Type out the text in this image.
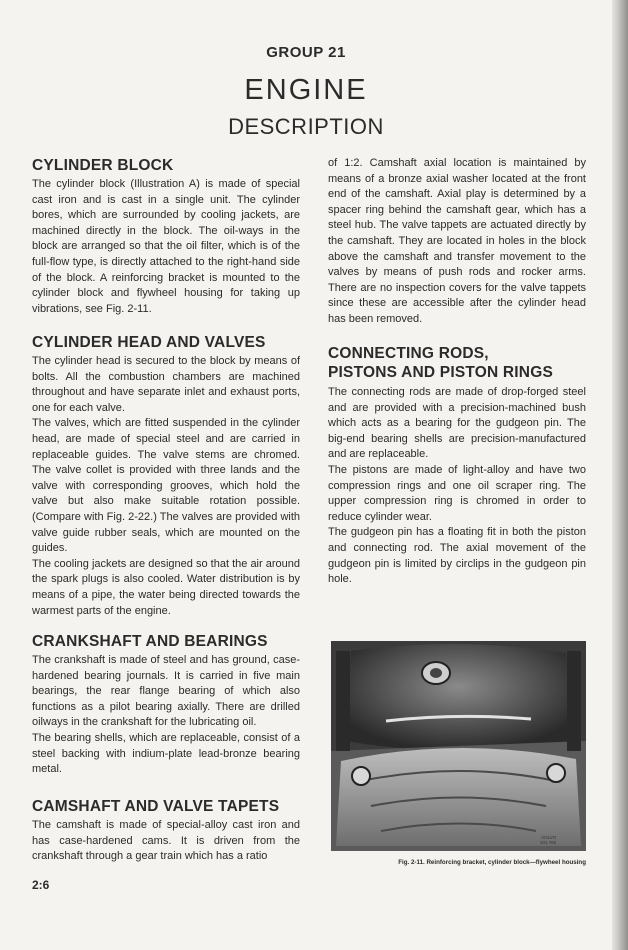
GROUP 21
ENGINE
DESCRIPTION
CYLINDER BLOCK

The cylinder block (Illustration A) is made of special cast iron and is cast in a single unit. The cylinder bores, which are surrounded by cooling jackets, are machined directly in the block. The oil-ways in the block are arranged so that the oil filter, which is of the full-flow type, is directly attached to the right-hand side of the block. A reinforcing bracket is mounted to the cylinder block and flywheel housing for taking up vibrations, see Fig. 2-11.

CYLINDER HEAD AND VALVES

The cylinder head is secured to the block by means of bolts. All the combustion chambers are machined throughout and have separate inlet and exhaust ports, one for each valve.

The valves, which are fitted suspended in the cylinder head, are made of special steel and are carried in replaceable guides. The valve stems are chromed. The valve collet is provided with three lands and the valve with corresponding grooves, which hold the valve but also make suitable rotation possible. (Compare with Fig. 2-22.) The valves are provided with valve guide rubber seals, which are mounted on the guides.

The cooling jackets are designed so that the air around the spark plugs is also cooled. Water distribution is by means of a pipe, the water being directed towards the warmest parts of the engine.

CRANKSHAFT AND BEARINGS

The crankshaft is made of steel and has ground, case-hardened bearing journals. It is carried in five main bearings, the rear flange bearing of which also functions as a pilot bearing axially. There are drilled oilways in the crankshaft for the lubricating oil.

The bearing shells, which are replaceable, consist of a steel backing with indium-plate lead-bronze bearing metal.

CAMSHAFT AND VALVE TAPETS

The camshaft is made of special-alloy cast iron and has case-hardened cams. It is driven from the crankshaft through a gear train which has a ratio

of 1:2. Camshaft axial location is maintained by means of a bronze axial washer located at the front end of the camshaft. Axial play is determined by a spacer ring behind the camshaft gear, which has a steel hub. The valve tappets are actuated directly by the camshaft. They are located in holes in the block above the camshaft and transfer movement to the valves by means of push rods and rocker arms. There are no inspection covers for the valve tappets since these are accessible after the cylinder head has been removed.

CONNECTING RODS,
PISTONS AND PISTON RINGS

The connecting rods are made of drop-forged steel and are provided with a precision-machined bush which acts as a bearing for the gudgeon pin. The big-end bearing shells are precision-manufactured and are replaceable.

The pistons are made of light-alloy and have two compression rings and one oil scraper ring. The upper compression ring is chromed in order to reduce cylinder wear.

The gudgeon pin has a floating fit in both the piston and connecting rod. The axial movement of the gudgeon pin is limited by circlips in the gudgeon pin hole.

VOLVO
101 762
Fig. 2-11. Reinforcing bracket, cylinder block—flywheel housing
2:6
